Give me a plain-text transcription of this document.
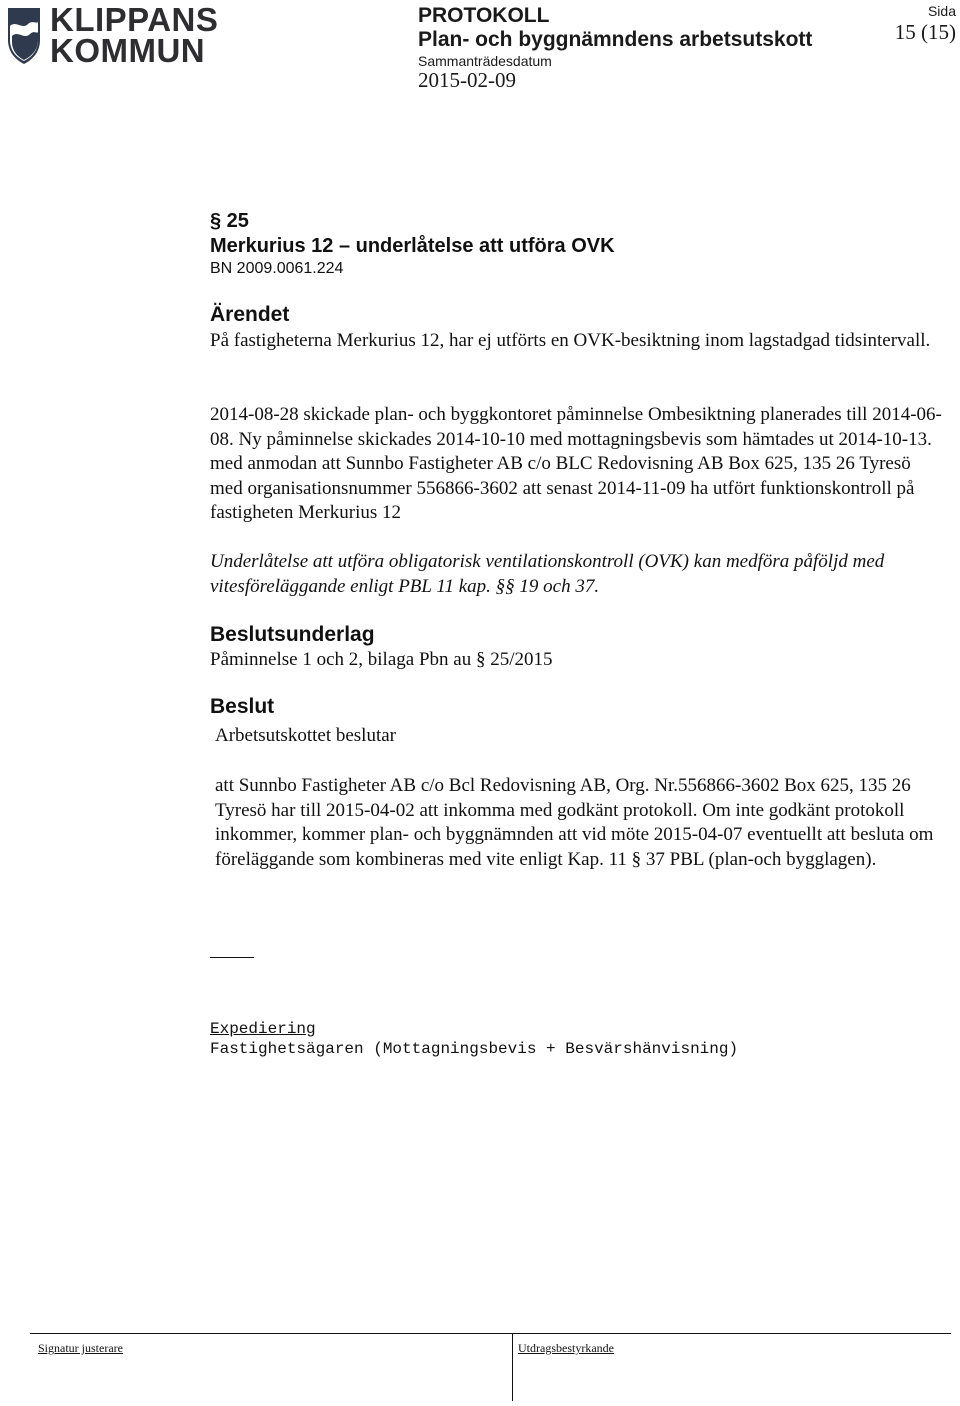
KLIPPANS
KOMMUN
PROTOKOLL
Plan- och byggnämndens arbetsutskott
Sammanträdesdatum
2015-02-09
Sida
15 (15)
§ 25
Merkurius 12 – underlåtelse att utföra OVK
BN 2009.0061.224
Ärendet
På fastigheterna Merkurius 12, har ej utförts en OVK-besiktning inom lagstadgad tidsintervall.
2014-08-28 skickade plan- och byggkontoret påminnelse Ombesiktning planerades till 2014-06-08. Ny påminnelse skickades 2014-10-10 med mottagningsbevis som hämtades ut 2014-10-13. med anmodan att Sunnbo Fastigheter AB c/o BLC Redovisning AB Box 625, 135 26 Tyresö med organisationsnummer 556866-3602 att senast 2014-11-09 ha utfört funktionskontroll på fastigheten Merkurius 12
Underlåtelse att utföra obligatorisk ventilationskontroll (OVK) kan medföra påföljd med vitesföreläggande enligt PBL 11 kap. §§ 19 och 37.
Beslutsunderlag
Påminnelse 1 och 2, bilaga Pbn au § 25/2015
Beslut
Arbetsutskottet beslutar
att Sunnbo Fastigheter AB c/o Bcl Redovisning AB, Org. Nr.556866-3602 Box 625, 135 26 Tyresö har till 2015-04-02 att inkomma med godkänt protokoll. Om inte godkänt protokoll inkommer, kommer plan- och byggnämnden att vid möte 2015-04-07 eventuellt att besluta om föreläggande som kombineras med vite enligt Kap. 11 § 37 PBL (plan-och bygglagen).
Expediering
Fastighetsägaren (Mottagningsbevis + Besvärshänvisning)
Signatur justerare	Utdragsbestyrkande
